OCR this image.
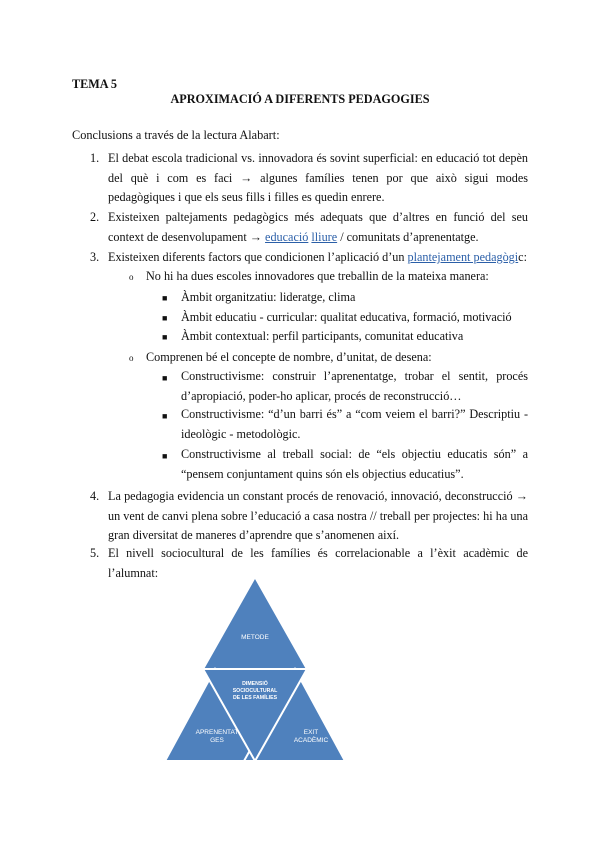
TEMA 5
APROXIMACIÓ A DIFERENTS PEDAGOGIES
Conclusions a través de la lectura Alabart:
1. El debat escola tradicional vs. innovadora és sovint superficial: en educació tot depèn del què i com es faci → algunes famílies tenen por que això sigui modes pedagògiques i que els seus fills i filles es quedin enrere.
2. Existeixen paltejaments pedagògics més adequats que d’altres en funció del seu context de desenvolupament → educació lliure / comunitats d’aprenentatge.
3. Existeixen diferents factors que condicionen l’aplicació d’un plantejament pedagògic:
o No hi ha dues escoles innovadores que treballin de la mateixa manera:
■ Àmbit organitzatiu: lideratge, clima
■ Àmbit educatiu - curricular: qualitat educativa, formació, motivació
■ Àmbit contextual: perfil participants, comunitat educativa
o Comprenen bé el concepte de nombre, d’unitat, de desena:
■ Constructivisme: construir l’aprenentatge, trobar el sentit, procés d’apropiació, poder-ho aplicar, procés de reconstrucció…
■ Constructivisme: “d’un barri és” a “com veiem el barri?” Descriptiu - ideològic - metodològic.
■ Constructivisme al treball social: de “els objectiu educatis són” a “pensem conjuntament quins són els objectius educatius”.
4. La pedagogia evidencia un constant procés de renovació, innovació, deconstrucció → un vent de canvi plena sobre l’educació a casa nostra // treball per projectes: hi ha una gran diversitat de maneres d’aprendre que s’anomenen així.
5. El nivell sociocultural de les famílies és correlacionable a l’èxit acadèmic de l’alumnat:
METODE
DIMENSIÓ
SOCIOCULTURAL
DE LES FAMÍLIES
APRENENTAT
GES
EXIT
ACADÈMIC
